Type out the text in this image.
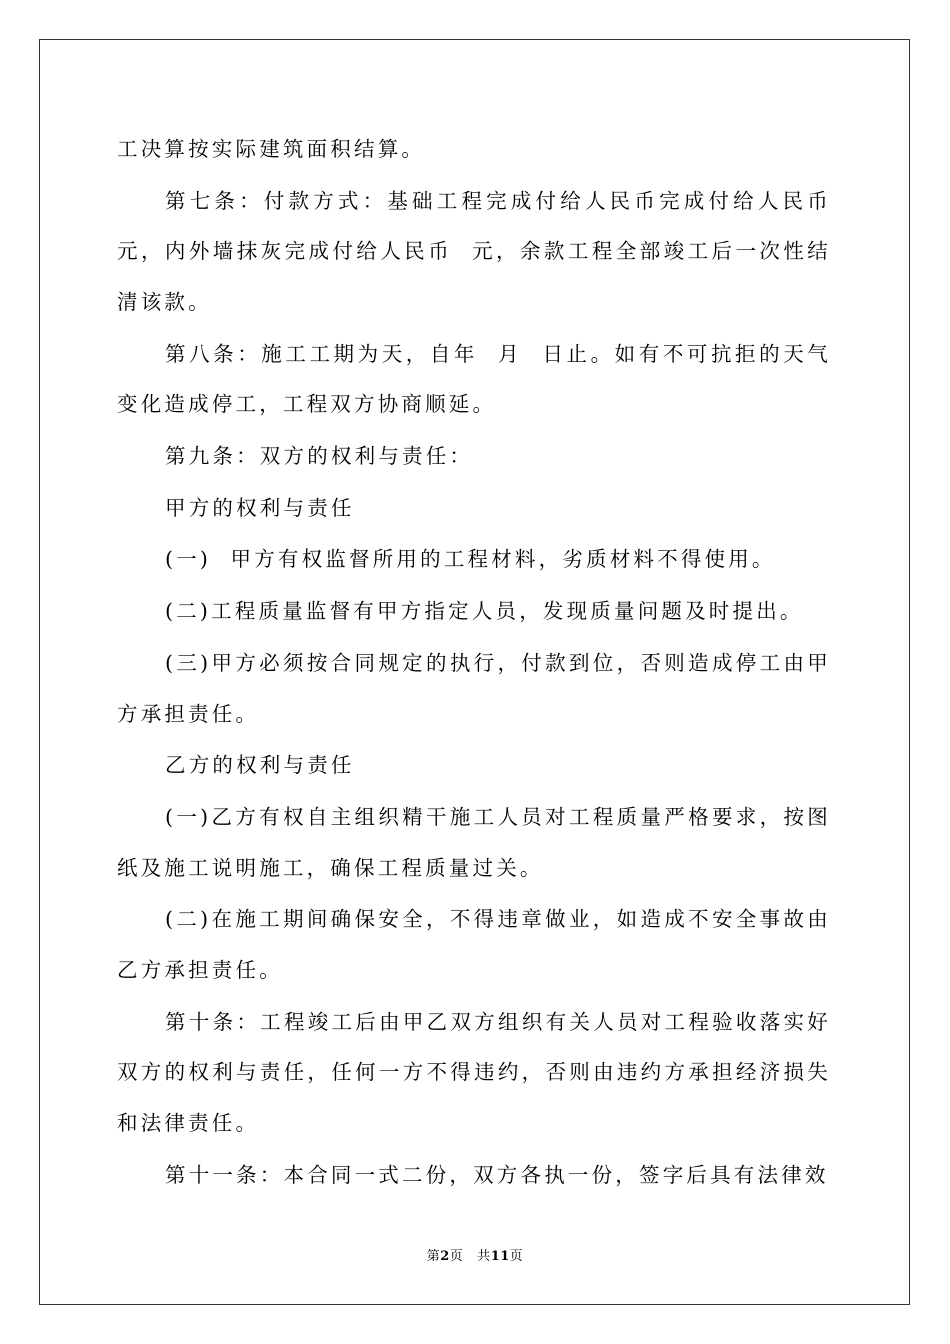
工决算按实际建筑面积结算。

第七条：付款方式：基础工程完成付给人民币完成付给人民币元，内外墙抹灰完成付给人民币  元，余款工程全部竣工后一次性结清该款。

第八条：施工工期为天，自年  月  日止。如有不可抗拒的天气变化造成停工，工程双方协商顺延。

第九条：双方的权利与责任：

甲方的权利与责任

(一)  甲方有权监督所用的工程材料，劣质材料不得使用。

(二)工程质量监督有甲方指定人员，发现质量问题及时提出。

(三)甲方必须按合同规定的执行，付款到位，否则造成停工由甲方承担责任。

乙方的权利与责任

(一)乙方有权自主组织精干施工人员对工程质量严格要求，按图纸及施工说明施工，确保工程质量过关。

(二)在施工期间确保安全，不得违章做业，如造成不安全事故由乙方承担责任。

第十条：工程竣工后由甲乙双方组织有关人员对工程验收落实好双方的权利与责任，任何一方不得违约，否则由违约方承担经济损失和法律责任。

第十一条：本合同一式二份，双方各执一份，签字后具有法律效

第2页 共11页
